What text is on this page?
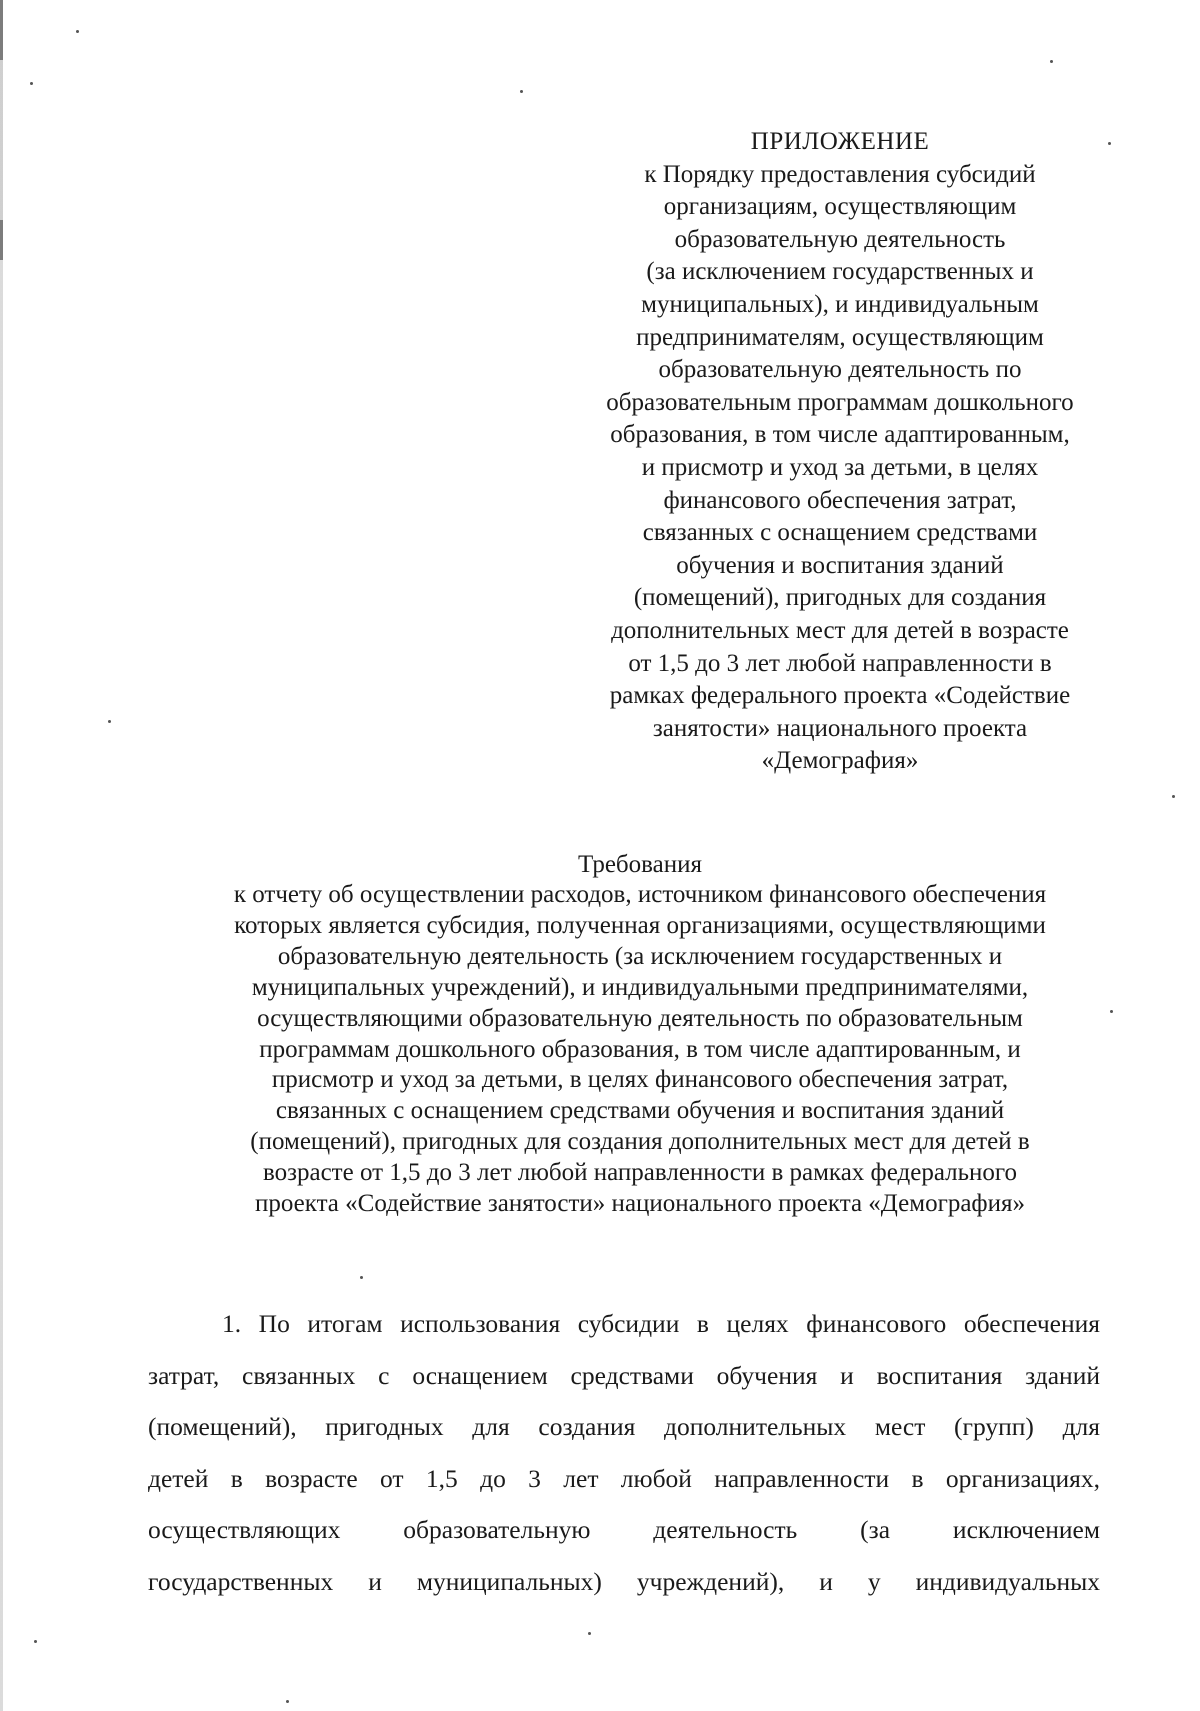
ПРИЛОЖЕНИЕ
к Порядку предоставления субсидий
организациям, осуществляющим
образовательную деятельность
(за исключением государственных и
муниципальных), и индивидуальным
предпринимателям, осуществляющим
образовательную деятельность по
образовательным программам дошкольного
образования, в том числе адаптированным,
и присмотр и уход за детьми, в целях
финансового обеспечения затрат,
связанных с оснащением средствами
обучения и воспитания зданий
(помещений), пригодных для создания
дополнительных мест для детей в возрасте
от 1,5 до 3 лет любой направленности в
рамках федерального проекта «Содействие
занятости» национального проекта
«Демография»
Требования
к отчету об осуществлении расходов, источником финансового обеспечения
которых является субсидия, полученная организациями, осуществляющими
образовательную деятельность (за исключением государственных и
муниципальных учреждений), и индивидуальными предпринимателями,
осуществляющими образовательную деятельность по образовательным
программам дошкольного образования, в том числе адаптированным, и
присмотр и уход за детьми, в целях финансового обеспечения затрат,
связанных с оснащением средствами обучения и воспитания зданий
(помещений), пригодных для создания дополнительных мест для детей в
возрасте от 1,5 до 3 лет любой направленности в рамках федерального
проекта «Содействие занятости» национального проекта «Демография»
1. По итогам использования субсидии в целях финансового обеспечения
затрат, связанных с оснащением средствами обучения и воспитания зданий
(помещений), пригодных для создания дополнительных мест (групп) для
детей в возрасте от 1,5 до 3 лет любой направленности в организациях,
осуществляющих образовательную деятельность (за исключением
государственных и муниципальных) учреждений), и у индивидуальных
